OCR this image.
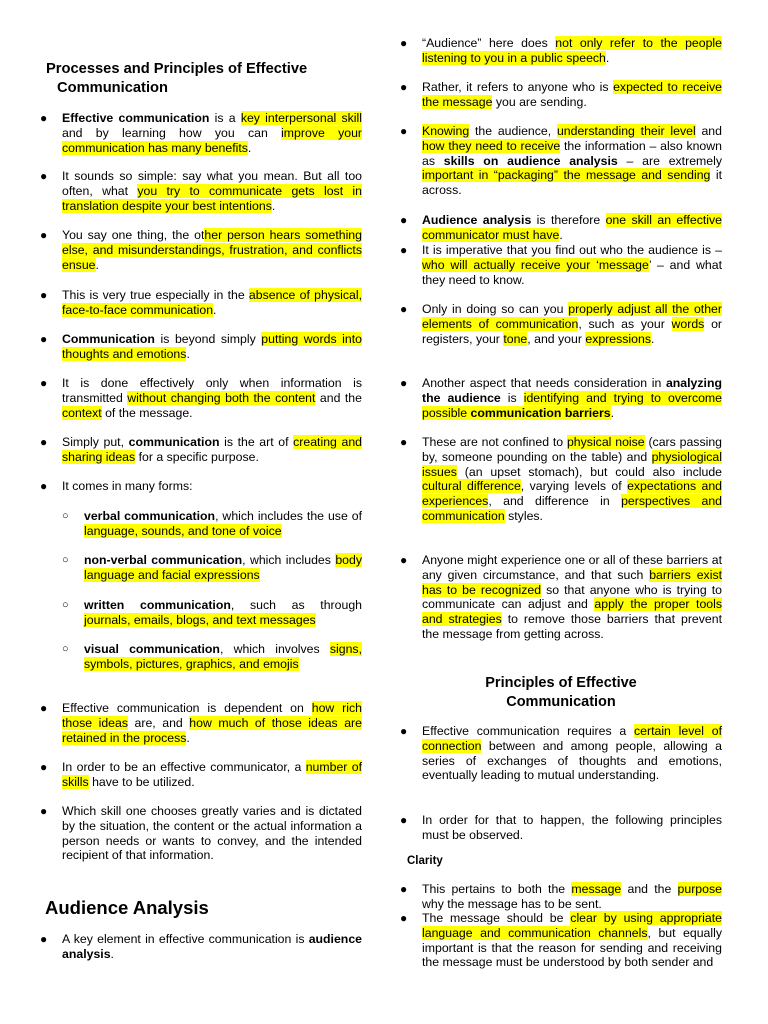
Processes and Principles of Effective
Communication
● Effective communication is a key interpersonal skill and by learning how you can improve your communication has many benefits.
● It sounds so simple: say what you mean. But all too often, what you try to communicate gets lost in translation despite your best intentions.
● You say one thing, the other person hears something else, and misunderstandings, frustration, and conflicts ensue.
● This is very true especially in the absence of physical, face-to-face communication.
● Communication is beyond simply putting words into thoughts and emotions.
● It is done effectively only when information is transmitted without changing both the content and the context of the message.
● Simply put, communication is the art of creating and sharing ideas for a specific purpose.
● It comes in many forms:
○ verbal communication, which includes the use of language, sounds, and tone of voice
○ non-verbal communication, which includes body language and facial expressions
○ written communication, such as through journals, emails, blogs, and text messages
○ visual communication, which involves signs, symbols, pictures, graphics, and emojis
● Effective communication is dependent on how rich those ideas are, and how much of those ideas are retained in the process.
● In order to be an effective communicator, a number of skills have to be utilized.
● Which skill one chooses greatly varies and is dictated by the situation, the content or the actual information a person needs or wants to convey, and the intended recipient of that information.
Audience Analysis
● A key element in effective communication is audience analysis.
● “Audience” here does not only refer to the people listening to you in a public speech.
● Rather, it refers to anyone who is expected to receive the message you are sending.
● Knowing the audience, understanding their level and how they need to receive the information – also known as skills on audience analysis – are extremely important in “packaging” the message and sending it across.
● Audience analysis is therefore one skill an effective communicator must have.
● It is imperative that you find out who the audience is – who will actually receive your ‘message’ – and what they need to know.
● Only in doing so can you properly adjust all the other elements of communication, such as your words or registers, your tone, and your expressions.
● Another aspect that needs consideration in analyzing the audience is identifying and trying to overcome possible communication barriers.
● These are not confined to physical noise (cars passing by, someone pounding on the table) and physiological issues (an upset stomach), but could also include cultural difference, varying levels of expectations and experiences, and difference in perspectives and communication styles.
● Anyone might experience one or all of these barriers at any given circumstance, and that such barriers exist has to be recognized so that anyone who is trying to communicate can adjust and apply the proper tools and strategies to remove those barriers that prevent the message from getting across.
Principles of Effective
Communication
● Effective communication requires a certain level of connection between and among people, allowing a series of exchanges of thoughts and emotions, eventually leading to mutual understanding.
● In order for that to happen, the following principles must be observed.
Clarity
● This pertains to both the message and the purpose why the message has to be sent.
● The message should be clear by using appropriate language and communication channels, but equally important is that the reason for sending and receiving the message must be understood by both sender and
